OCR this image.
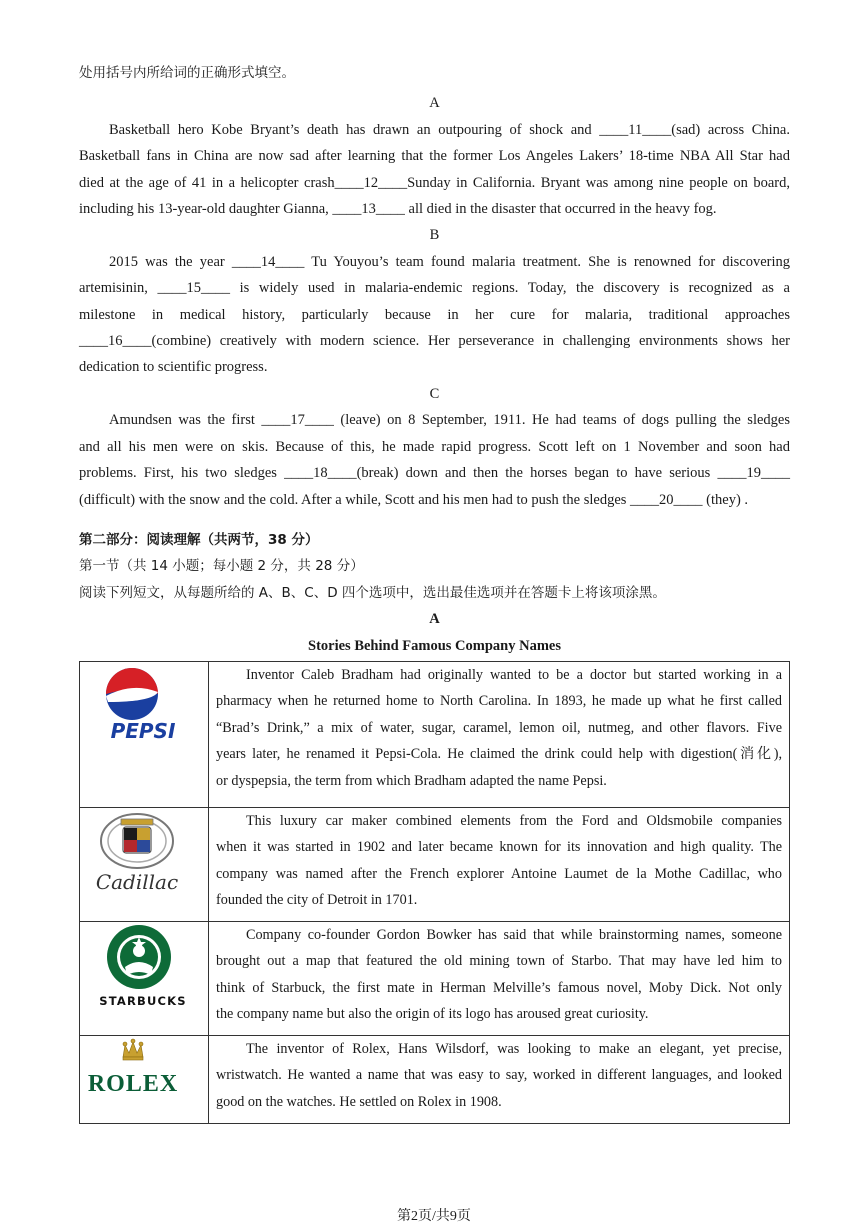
处用括号内所给词的正确形式填空。
A
Basketball hero Kobe Bryant’s death has drawn an outpouring of shock and ____11____(sad) across China.
Basketball fans in China are now sad after learning that the former Los Angeles Lakers’ 18-time NBA All Star had
died at the age of 41 in a helicopter crash____12____Sunday in California. Bryant was among nine people on board,
including his 13-year-old daughter Gianna, ____13____ all died in the disaster that occurred in the heavy fog.
B
2015 was the year ____14____ Tu Youyou’s team found malaria treatment. She is renowned for discovering
artemisinin, ____15____ is widely used in malaria-endemic regions. Today, the discovery is recognized as a
milestone in medical history, particularly because in her cure for malaria, traditional approaches
____16____(combine) creatively with modern science. Her perseverance in challenging environments shows her
dedication to scientific progress.
C
Amundsen was the first ____17____ (leave) on 8 September, 1911. He had teams of dogs pulling the sledges
and all his men were on skis. Because of this, he made rapid progress. Scott left on 1 November and soon had
problems. First, his two sledges ____18____(break) down and then the horses began to have serious ____19____
(difficult) with the snow and the cold. After a while, Scott and his men had to push the sledges ____20____ (they) .
第二部分：阅读理解（共两节，38 分）
第一节（共 14 小题；每小题 2 分，共 28 分）
阅读下列短文，从每题所给的 A、B、C、D 四个选项中，选出最佳选项并在答题卡上将该项涂黑。
A
Stories Behind Famous Company Names
PEPSI	Inventor Caleb Bradham had originally wanted to be a doctor but started working in a
pharmacy when he returned home to North Carolina. In 1893, he made up what he first called
“Brad’s Drink,” a mix of water, sugar, caramel, lemon oil, nutmeg, and other flavors. Five
years later, he renamed it Pepsi-Cola. He claimed the drink could help with digestion(消化),
or dyspepsia, the term from which Bradham adapted the name Pepsi.

Cadillac	This luxury car maker combined elements from the Ford and Oldsmobile companies
when it was started in 1902 and later became known for its innovation and high quality. The
company was named after the French explorer Antoine Laumet de la Mothe Cadillac, who
founded the city of Detroit in 1701.

STARBUCKS	Company co-founder Gordon Bowker has said that while brainstorming names, someone
brought out a map that featured the old mining town of Starbo. That may have led him to
think of Starbuck, the first mate in Herman Melville’s famous novel, Moby Dick. Not only
the company name but also the origin of its logo has aroused great curiosity.

ROLEX	The inventor of Rolex, Hans Wilsdorf, was looking to make an elegant, yet precise,
wristwatch. He wanted a name that was easy to say, worked in different languages, and looked
good on the watches. He settled on Rolex in 1908.
第2页/共9页
